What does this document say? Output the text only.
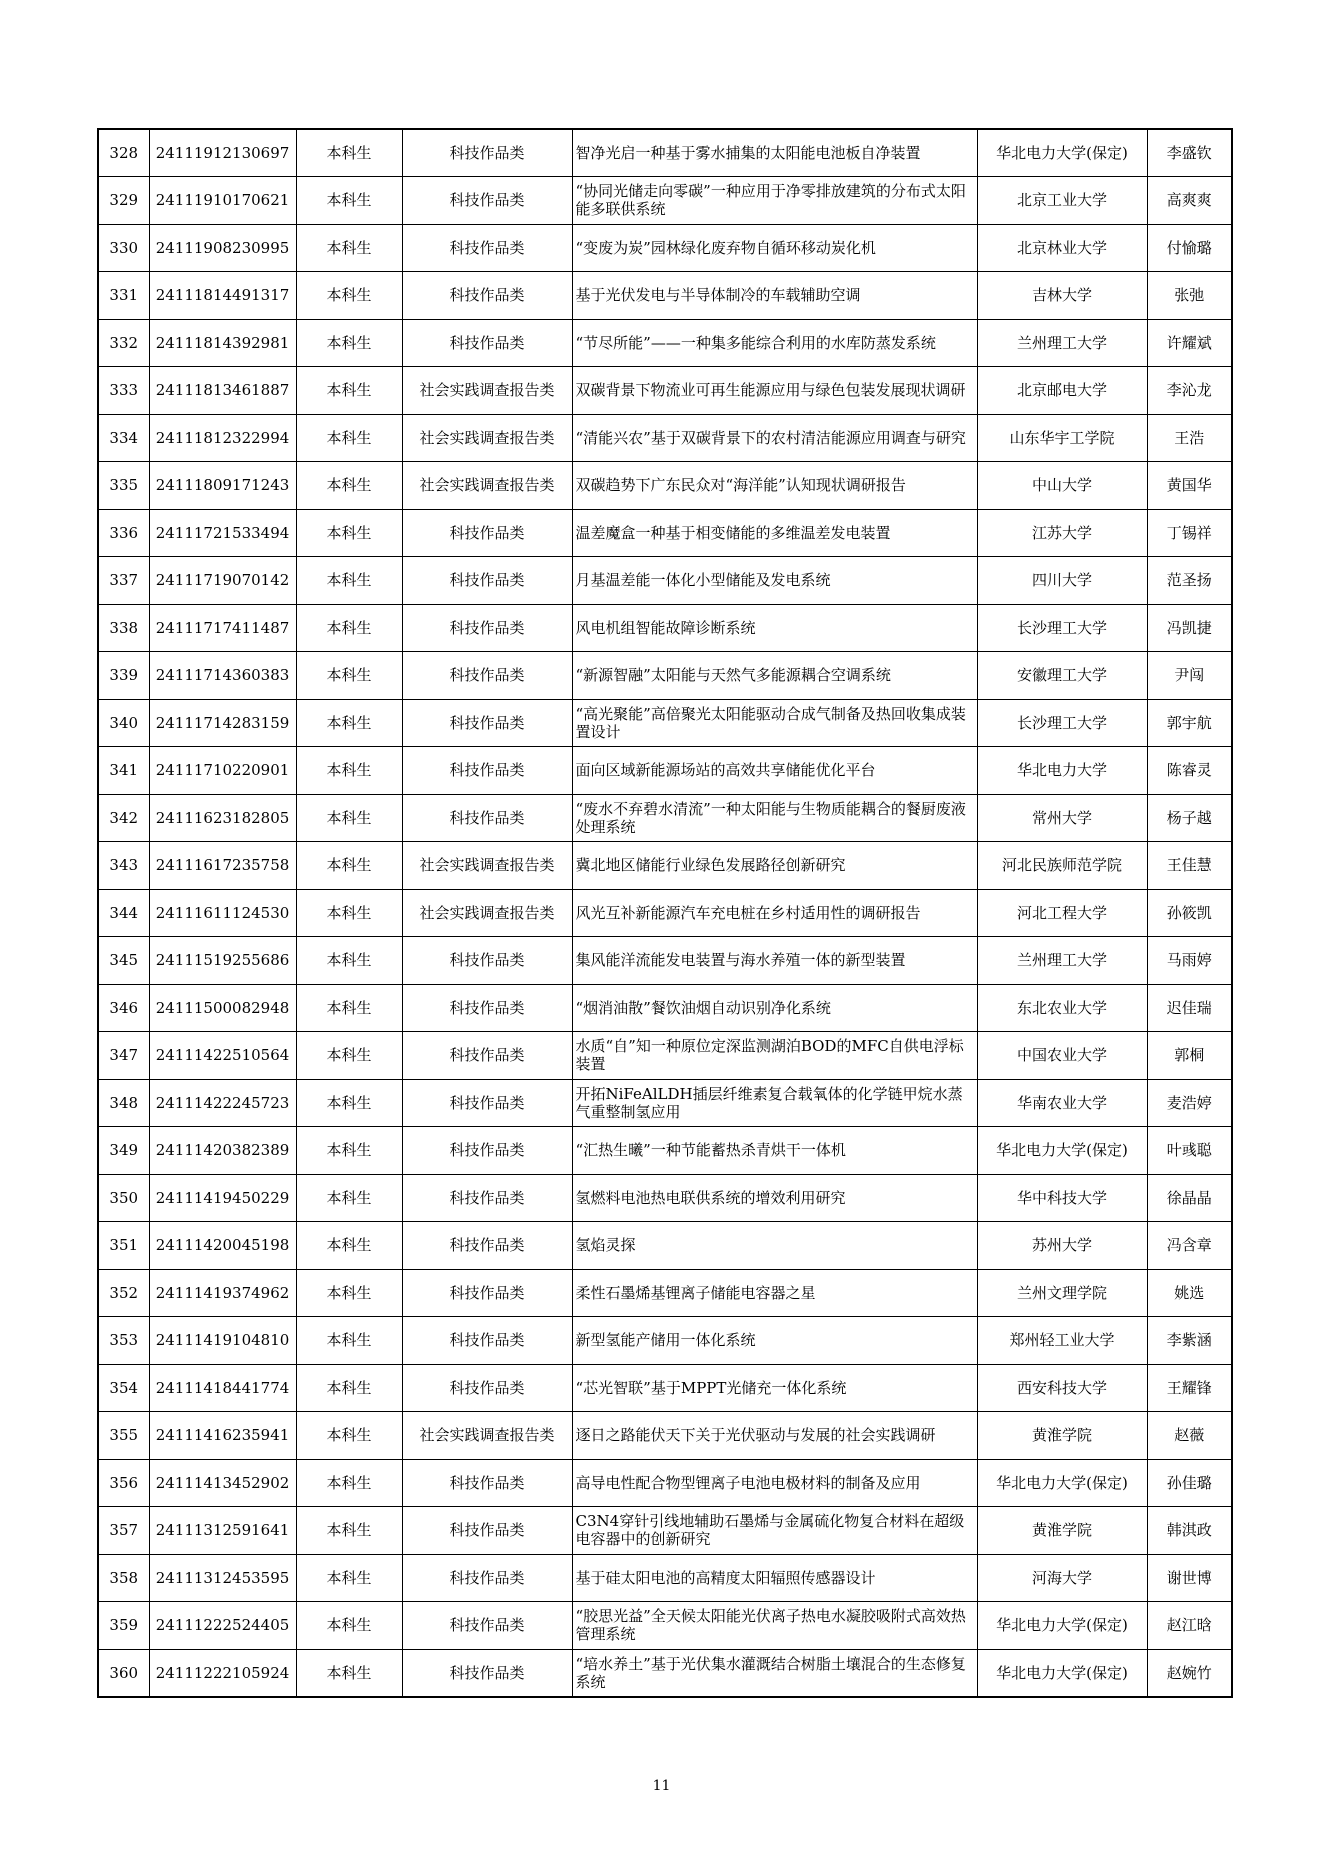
328	24111912130697	本科生	科技作品类	智净光启一种基于雾水捕集的太阳能电池板自净装置	华北电力大学(保定)	李盛钦
329	24111910170621	本科生	科技作品类	“协同光储走向零碳”一种应用于净零排放建筑的分布式太阳能多联供系统	北京工业大学	高爽爽
330	24111908230995	本科生	科技作品类	“变废为炭”园林绿化废弃物自循环移动炭化机	北京林业大学	付愉璐
331	24111814491317	本科生	科技作品类	基于光伏发电与半导体制冷的车载辅助空调	吉林大学	张弛
332	24111814392981	本科生	科技作品类	“节尽所能”——一种集多能综合利用的水库防蒸发系统	兰州理工大学	许耀斌
333	24111813461887	本科生	社会实践调查报告类	双碳背景下物流业可再生能源应用与绿色包装发展现状调研	北京邮电大学	李沁龙
334	24111812322994	本科生	社会实践调查报告类	“清能兴农”基于双碳背景下的农村清洁能源应用调查与研究	山东华宇工学院	王浩
335	24111809171243	本科生	社会实践调查报告类	双碳趋势下广东民众对“海洋能”认知现状调研报告	中山大学	黄国华
336	24111721533494	本科生	科技作品类	温差魔盒一种基于相变储能的多维温差发电装置	江苏大学	丁锡祥
337	24111719070142	本科生	科技作品类	月基温差能一体化小型储能及发电系统	四川大学	范圣扬
338	24111717411487	本科生	科技作品类	风电机组智能故障诊断系统	长沙理工大学	冯凯捷
339	24111714360383	本科生	科技作品类	“新源智融”太阳能与天然气多能源耦合空调系统	安徽理工大学	尹闯
340	24111714283159	本科生	科技作品类	“高光聚能”高倍聚光太阳能驱动合成气制备及热回收集成装置设计	长沙理工大学	郭宇航
341	24111710220901	本科生	科技作品类	面向区域新能源场站的高效共享储能优化平台	华北电力大学	陈睿灵
342	24111623182805	本科生	科技作品类	“废水不弃碧水清流”一种太阳能与生物质能耦合的餐厨废液处理系统	常州大学	杨子越
343	24111617235758	本科生	社会实践调查报告类	冀北地区储能行业绿色发展路径创新研究	河北民族师范学院	王佳慧
344	24111611124530	本科生	社会实践调查报告类	风光互补新能源汽车充电桩在乡村适用性的调研报告	河北工程大学	孙筱凯
345	24111519255686	本科生	科技作品类	集风能洋流能发电装置与海水养殖一体的新型装置	兰州理工大学	马雨婷
346	24111500082948	本科生	科技作品类	“烟消油散”餐饮油烟自动识别净化系统	东北农业大学	迟佳瑞
347	24111422510564	本科生	科技作品类	水质“自”知一种原位定深监测湖泊BOD的MFC自供电浮标装置	中国农业大学	郭桐
348	24111422245723	本科生	科技作品类	开拓NiFeAlLDH插层纤维素复合载氧体的化学链甲烷水蒸气重整制氢应用	华南农业大学	麦浩婷
349	24111420382389	本科生	科技作品类	“汇热生曦”一种节能蓄热杀青烘干一体机	华北电力大学(保定)	叶彧聪
350	24111419450229	本科生	科技作品类	氢燃料电池热电联供系统的增效利用研究	华中科技大学	徐晶晶
351	24111420045198	本科生	科技作品类	氢焰灵探	苏州大学	冯含章
352	24111419374962	本科生	科技作品类	柔性石墨烯基锂离子储能电容器之星	兰州文理学院	姚选
353	24111419104810	本科生	科技作品类	新型氢能产储用一体化系统	郑州轻工业大学	李紫涵
354	24111418441774	本科生	科技作品类	“芯光智联”基于MPPT光储充一体化系统	西安科技大学	王耀锋
355	24111416235941	本科生	社会实践调查报告类	逐日之路能伏天下关于光伏驱动与发展的社会实践调研	黄淮学院	赵薇
356	24111413452902	本科生	科技作品类	高导电性配合物型锂离子电池电极材料的制备及应用	华北电力大学(保定)	孙佳璐
357	24111312591641	本科生	科技作品类	C3N4穿针引线地辅助石墨烯与金属硫化物复合材料在超级电容器中的创新研究	黄淮学院	韩淇政
358	24111312453595	本科生	科技作品类	基于硅太阳电池的高精度太阳辐照传感器设计	河海大学	谢世博
359	24111222524405	本科生	科技作品类	“胶思光益”全天候太阳能光伏离子热电水凝胶吸附式高效热管理系统	华北电力大学(保定)	赵江晗
360	24111222105924	本科生	科技作品类	“培水养土”基于光伏集水灌溉结合树脂土壤混合的生态修复系统	华北电力大学(保定)	赵婉竹
11
